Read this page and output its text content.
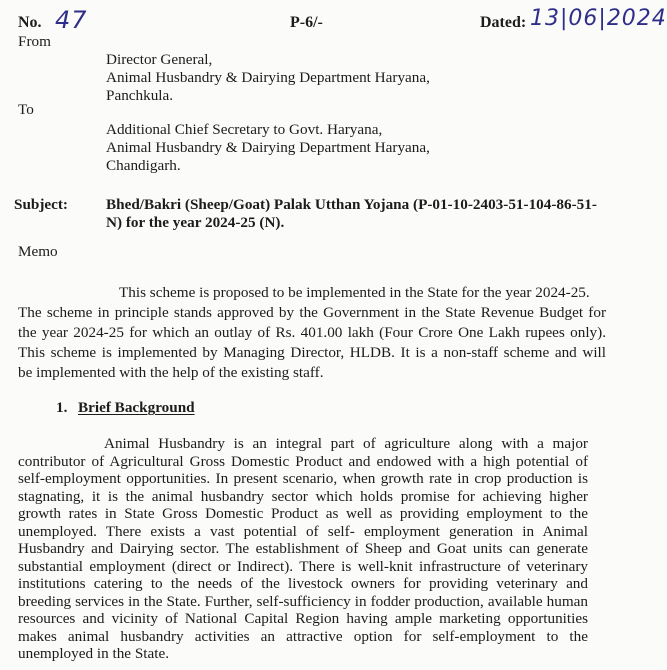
No. 47	P-6/-	Dated: 13|06|2024
From
Director General,
Animal Husbandry & Dairying Department Haryana,
Panchkula.
To
Additional Chief Secretary to Govt. Haryana,
Animal Husbandry & Dairying Department Haryana,
Chandigarh.
Subject:	Bhed/Bakri (Sheep/Goat) Palak Utthan Yojana (P-01-10-2403-51-104-86-51-
N) for the year 2024-25 (N).
Memo
This scheme is proposed to be implemented in the State for the year 2024-25.
The scheme in principle stands approved by the Government in the State Revenue Budget for
the year 2024-25 for which an outlay of Rs. 401.00 lakh (Four Crore One Lakh rupees only).
This scheme is implemented by Managing Director, HLDB. It is a non-staff scheme and will
be implemented with the help of the existing staff.
1. Brief Background
Animal Husbandry is an integral part of agriculture along with a major
contributor of Agricultural Gross Domestic Product and endowed with a high potential of
self-employment opportunities. In present scenario, when growth rate in crop production is
stagnating, it is the animal husbandry sector which holds promise for achieving higher
growth rates in State Gross Domestic Product as well as providing employment to the
unemployed. There exists a vast potential of self- employment generation in Animal
Husbandry and Dairying sector. The establishment of Sheep and Goat units can generate
substantial employment (direct or Indirect). There is well-knit infrastructure of veterinary
institutions catering to the needs of the livestock owners for providing veterinary and
breeding services in the State. Further, self-sufficiency in fodder production, available human
resources and vicinity of National Capital Region having ample marketing opportunities
makes animal husbandry activities an attractive option for self-employment to the
unemployed in the State.
